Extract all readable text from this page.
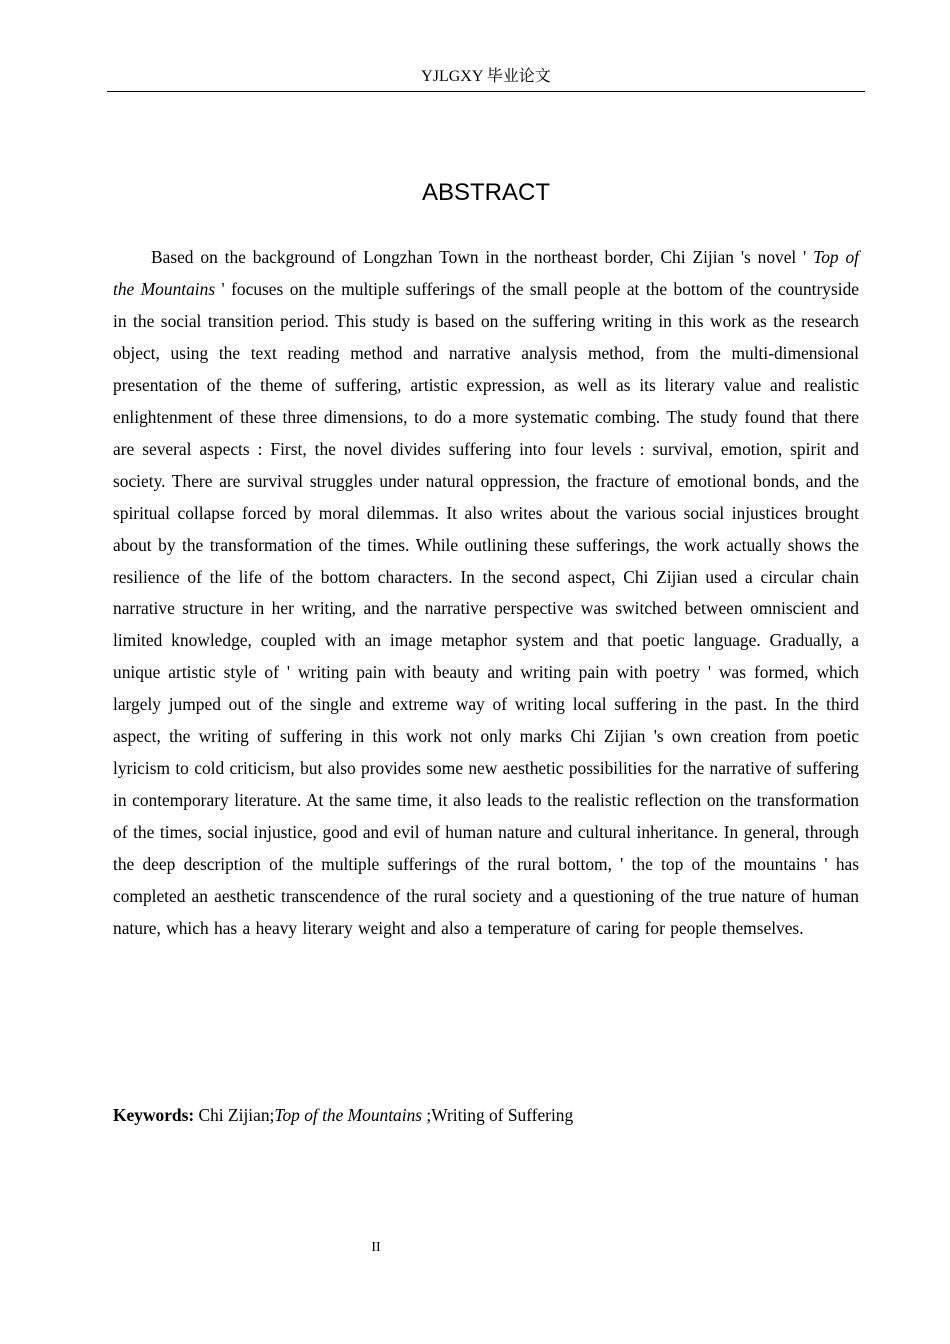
YJLGXY 毕业论文
ABSTRACT

Based on the background of Longzhan Town in the northeast border, Chi Zijian 's novel ' Top of the Mountains ' focuses on the multiple sufferings of the small people at the bottom of the countryside in the social transition period. This study is based on the suffering writing in this work as the research object, using the text reading method and narrative analysis method, from the multi-dimensional presentation of the theme of suffering, artistic expression, as well as its literary value and realistic enlightenment of these three dimensions, to do a more systematic combing. The study found that there are several aspects : First, the novel divides suffering into four levels : survival, emotion, spirit and society. There are survival struggles under natural oppression, the fracture of emotional bonds, and the spiritual collapse forced by moral dilemmas. It also writes about the various social injustices brought about by the transformation of the times. While outlining these sufferings, the work actually shows the resilience of the life of the bottom characters. In the second aspect, Chi Zijian used a circular chain narrative structure in her writing, and the narrative perspective was switched between omniscient and limited knowledge, coupled with an image metaphor system and that poetic language. Gradually, a unique artistic style of ' writing pain with beauty and writing pain with poetry ' was formed, which largely jumped out of the single and extreme way of writing local suffering in the past. In the third aspect, the writing of suffering in this work not only marks Chi Zijian 's own creation from poetic lyricism to cold criticism, but also provides some new aesthetic possibilities for the narrative of suffering in contemporary literature. At the same time, it also leads to the realistic reflection on the transformation of the times, social injustice, good and evil of human nature and cultural inheritance. In general, through the deep description of the multiple sufferings of the rural bottom, ' the top of the mountains ' has completed an aesthetic transcendence of the rural society and a questioning of the true nature of human nature, which has a heavy literary weight and also a temperature of caring for people themselves.

Keywords: Chi Zijian;Top of the Mountains ;Writing of Suffering
II
